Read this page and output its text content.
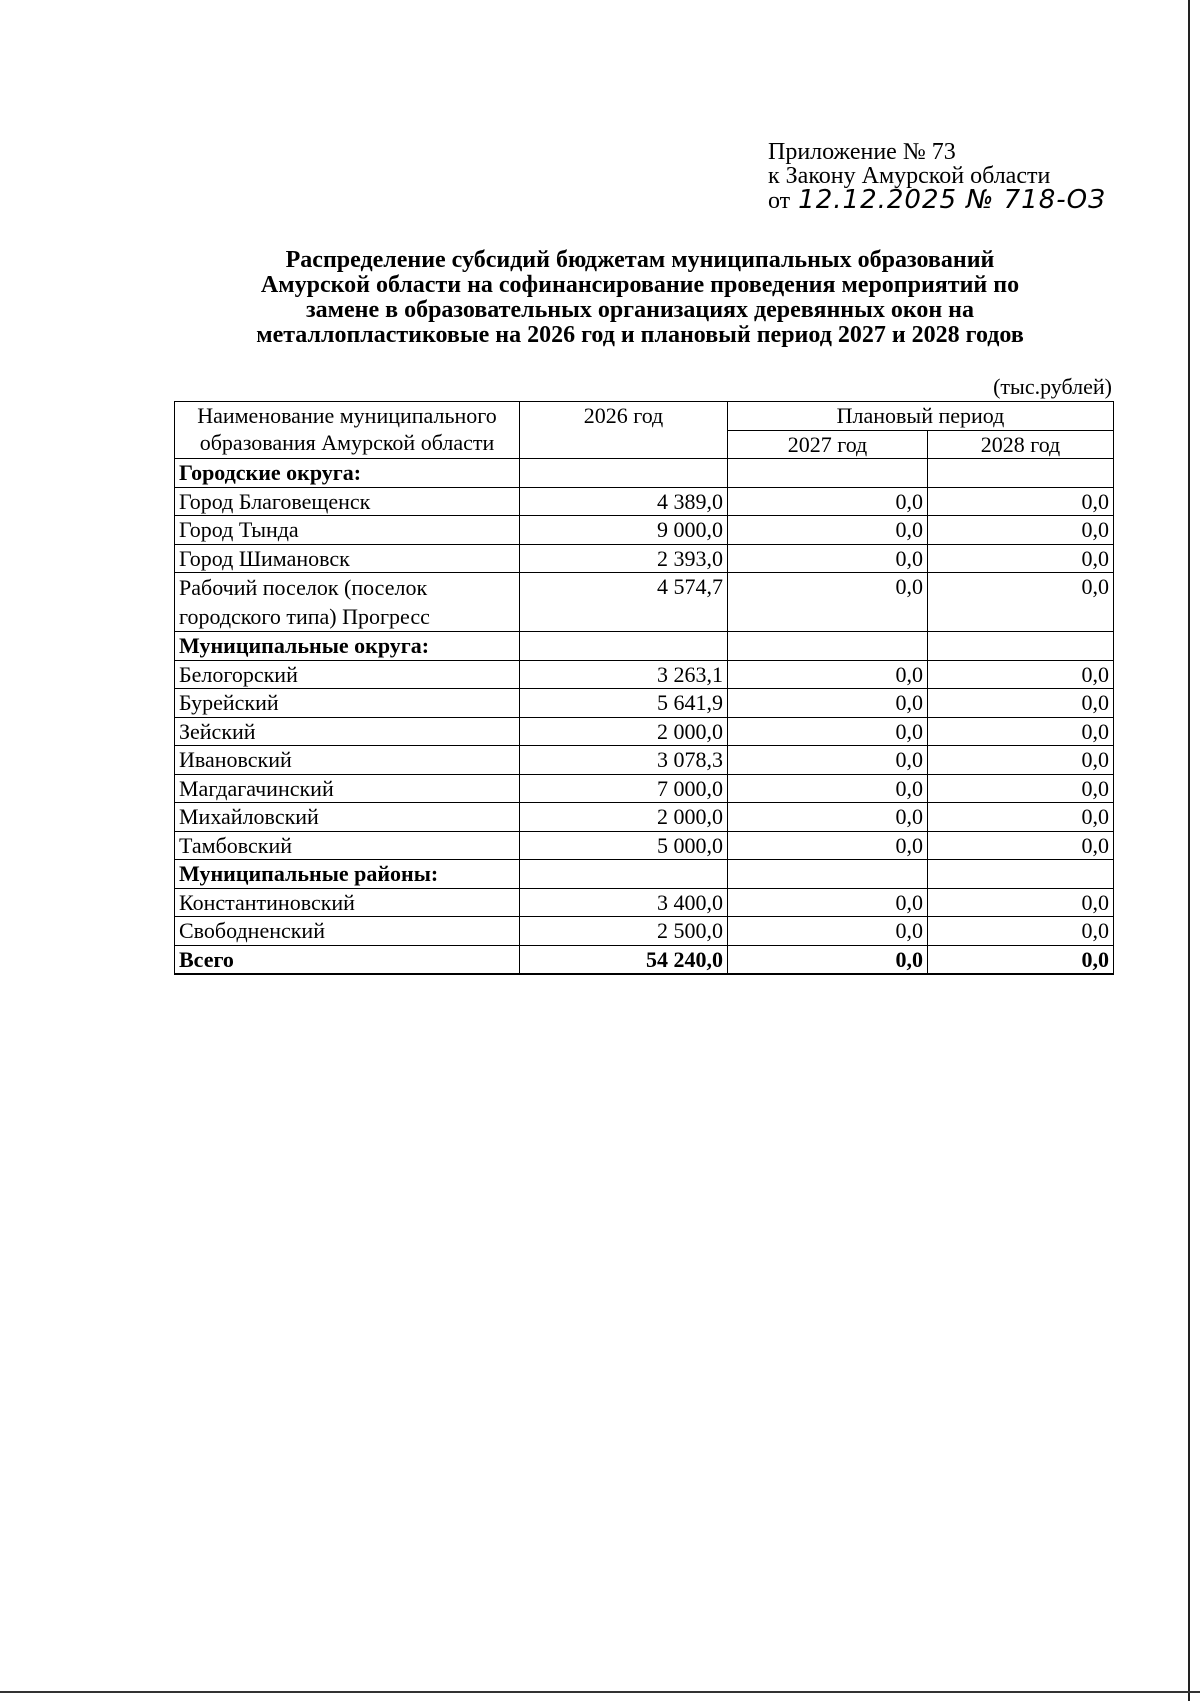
Приложение № 73
к Закону Амурской области
от 12.12.2025 № 718-ОЗ
Распределение субсидий бюджетам муниципальных образований
Амурской области на софинансирование проведения мероприятий по
замене в образовательных организациях деревянных окон на
металлопластиковые на 2026 год и плановый период 2027 и 2028 годов
(тыс.рублей)
Наименование муниципального
образования Амурской области	2026 год	Плановый период	
		2027 год	2028 год
Городские округа:			
Город Благовещенск	4 389,0	0,0	0,0
Город Тында	9 000,0	0,0	0,0
Город Шимановск	2 393,0	0,0	0,0
Рабочий поселок (поселок городского типа) Прогресс	4 574,7	0,0	0,0
Муниципальные округа:			
Белогорский	3 263,1	0,0	0,0
Бурейский	5 641,9	0,0	0,0
Зейский	2 000,0	0,0	0,0
Ивановский	3 078,3	0,0	0,0
Магдагачинский	7 000,0	0,0	0,0
Михайловский	2 000,0	0,0	0,0
Тамбовский	5 000,0	0,0	0,0
Муниципальные районы:			
Константиновский	3 400,0	0,0	0,0
Свободненский	2 500,0	0,0	0,0
Всего	54 240,0	0,0	0,0
